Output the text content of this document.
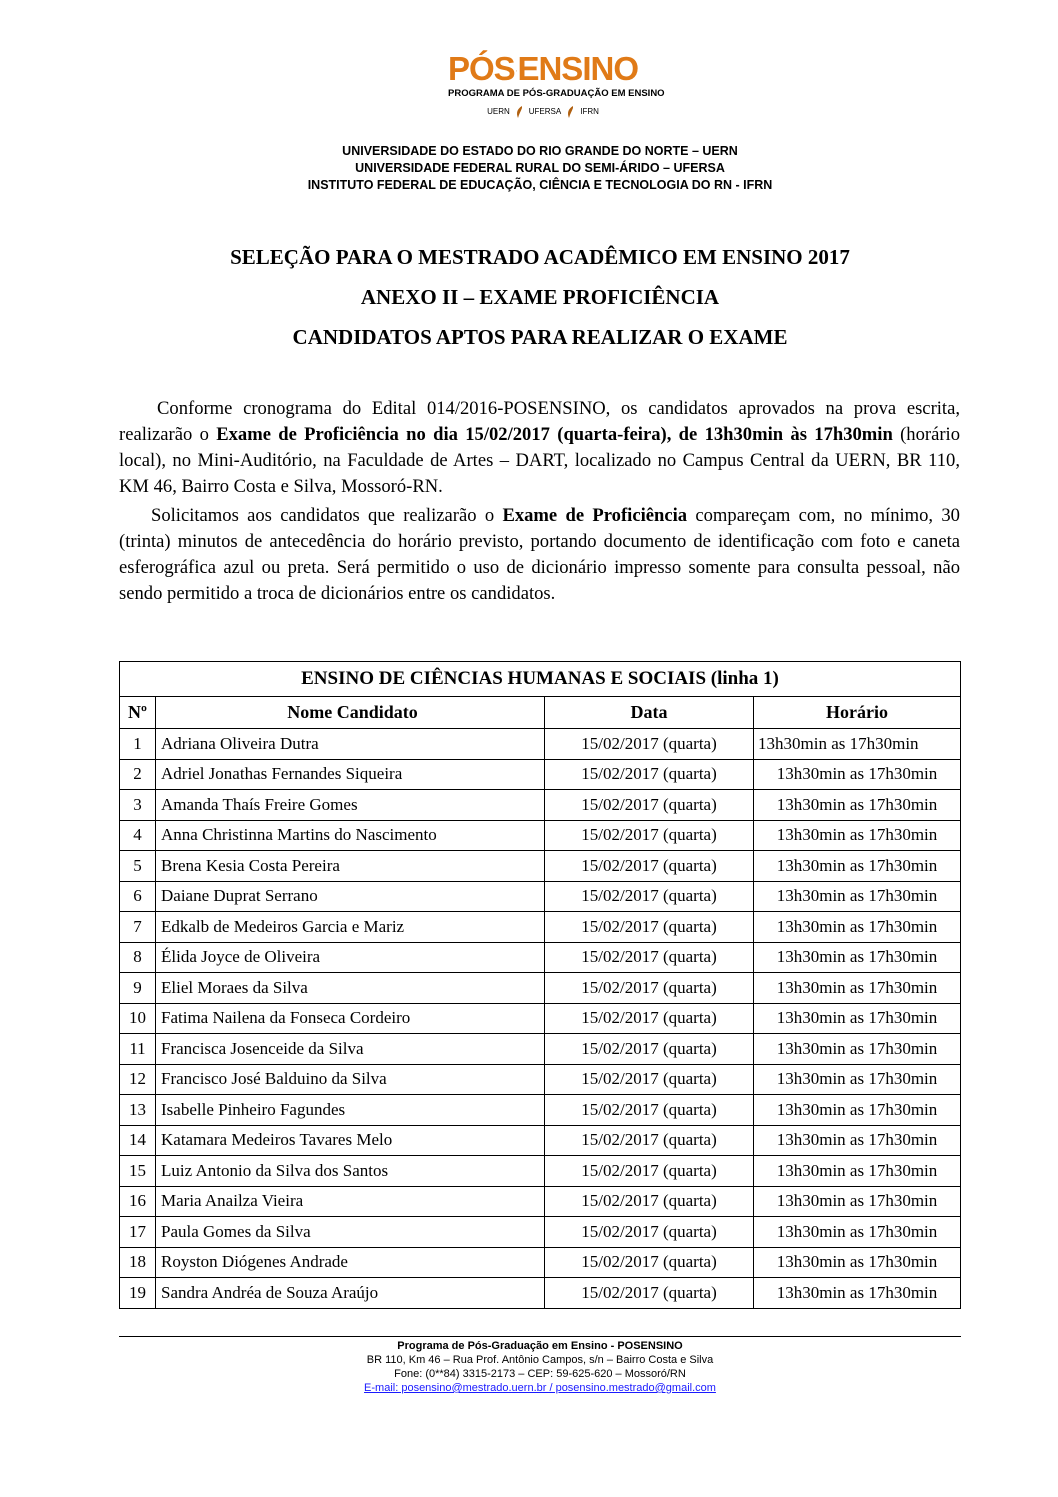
PÓS ENSINO
PROGRAMA DE PÓS-GRADUAÇÃO EM ENSINO
UERN UFERSA IFRN
UNIVERSIDADE DO ESTADO DO RIO GRANDE DO NORTE – UERN
UNIVERSIDADE FEDERAL RURAL DO SEMI-ÁRIDO – UFERSA
INSTITUTO FEDERAL DE EDUCAÇÃO, CIÊNCIA E TECNOLOGIA DO RN - IFRN
SELEÇÃO PARA O MESTRADO ACADÊMICO EM ENSINO 2017
ANEXO II – EXAME PROFICIÊNCIA
CANDIDATOS APTOS PARA REALIZAR O EXAME
Conforme cronograma do Edital 014/2016-POSENSINO, os candidatos aprovados na prova escrita, realizarão o Exame de Proficiência no dia 15/02/2017 (quarta-feira), de 13h30min às 17h30min (horário local), no Mini-Auditório, na Faculdade de Artes – DART, localizado no Campus Central da UERN, BR 110, KM 46, Bairro Costa e Silva, Mossoró-RN.
Solicitamos aos candidatos que realizarão o Exame de Proficiência compareçam com, no mínimo, 30 (trinta) minutos de antecedência do horário previsto, portando documento de identificação com foto e caneta esferográfica azul ou preta. Será permitido o uso de dicionário impresso somente para consulta pessoal, não sendo permitido a troca de dicionários entre os candidatos.
ENSINO DE CIÊNCIAS HUMANAS E SOCIAIS (linha 1)			
Nº	Nome Candidato	Data	Horário
1	Adriana Oliveira Dutra	15/02/2017 (quarta)	13h30min as 17h30min
2	Adriel Jonathas Fernandes Siqueira	15/02/2017 (quarta)	13h30min as 17h30min
3	Amanda Thaís Freire Gomes	15/02/2017 (quarta)	13h30min as 17h30min
4	Anna Christinna Martins do Nascimento	15/02/2017 (quarta)	13h30min as 17h30min
5	Brena Kesia Costa Pereira	15/02/2017 (quarta)	13h30min as 17h30min
6	Daiane Duprat Serrano	15/02/2017 (quarta)	13h30min as 17h30min
7	Edkalb de Medeiros Garcia e Mariz	15/02/2017 (quarta)	13h30min as 17h30min
8	Élida Joyce de Oliveira	15/02/2017 (quarta)	13h30min as 17h30min
9	Eliel Moraes da Silva	15/02/2017 (quarta)	13h30min as 17h30min
10	Fatima Nailena da Fonseca Cordeiro	15/02/2017 (quarta)	13h30min as 17h30min
11	Francisca Josenceide da Silva	15/02/2017 (quarta)	13h30min as 17h30min
12	Francisco José Balduino da Silva	15/02/2017 (quarta)	13h30min as 17h30min
13	Isabelle Pinheiro Fagundes	15/02/2017 (quarta)	13h30min as 17h30min
14	Katamara Medeiros Tavares Melo	15/02/2017 (quarta)	13h30min as 17h30min
15	Luiz Antonio da Silva dos Santos	15/02/2017 (quarta)	13h30min as 17h30min
16	Maria Anailza Vieira	15/02/2017 (quarta)	13h30min as 17h30min
17	Paula Gomes da Silva	15/02/2017 (quarta)	13h30min as 17h30min
18	Royston Diógenes Andrade	15/02/2017 (quarta)	13h30min as 17h30min
19	Sandra Andréa de Souza Araújo	15/02/2017 (quarta)	13h30min as 17h30min
Programa de Pós-Graduação em Ensino - POSENSINO
BR 110, Km 46 – Rua Prof. Antônio Campos, s/n – Bairro Costa e Silva
Fone: (0**84) 3315-2173 – CEP: 59-625-620 – Mossoró/RN
E-mail: posensino@mestrado.uern.br / posensino.mestrado@gmail.com
